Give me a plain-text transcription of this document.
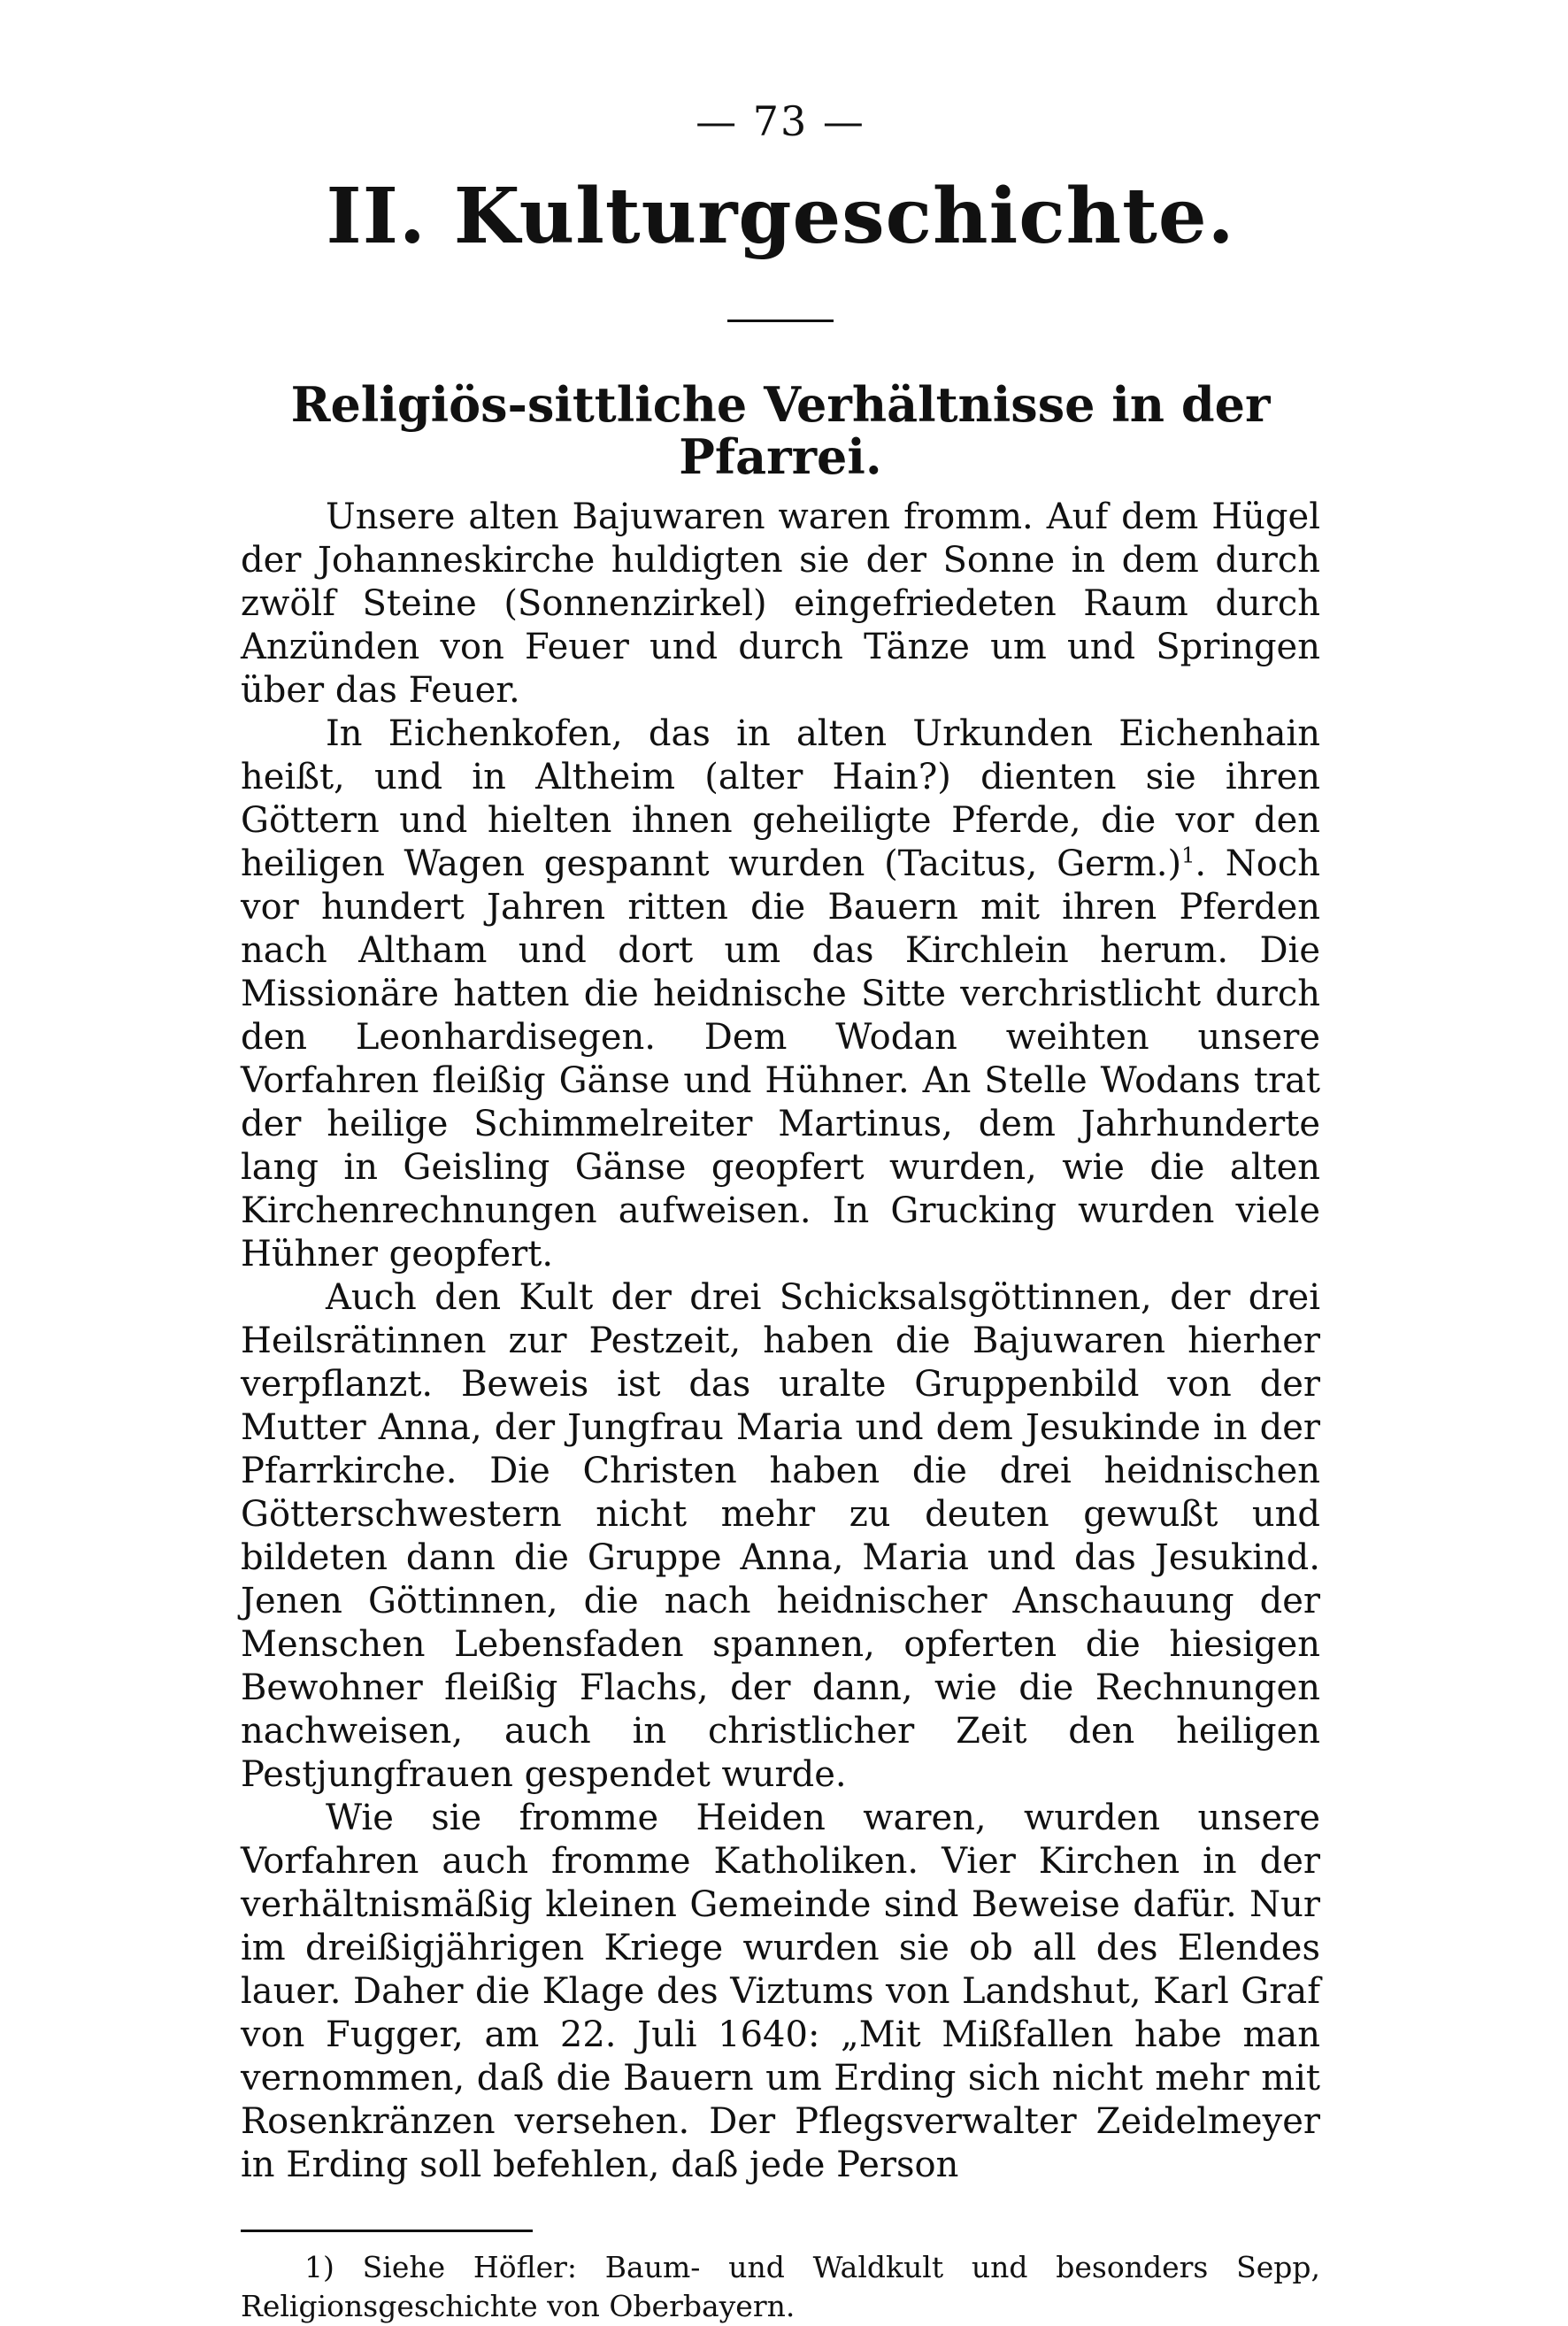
— 73 —
II. Kulturgeschichte.
Religiös-sittliche Verhältnisse in der Pfarrei.

Unsere alten Bajuwaren waren fromm. Auf dem Hügel der Johanneskirche huldigten sie der Sonne in dem durch zwölf Steine (Sonnenzirkel) eingefriedeten Raum durch Anzünden von Feuer und durch Tänze um und Springen über das Feuer.

In Eichenkofen, das in alten Urkunden Eichenhain heißt, und in Altheim (alter Hain?) dienten sie ihren Göttern und hielten ihnen geheiligte Pferde, die vor den heiligen Wagen gespannt wurden (Tacitus, Germ.)$^1$. Noch vor hundert Jahren ritten die Bauern mit ihren Pferden nach Altham und dort um das Kirchlein herum. Die Missionäre hatten die heidnische Sitte verchristlicht durch den Leonhardisegen. Dem Wodan weihten unsere Vorfahren fleißig Gänse und Hühner. An Stelle Wodans trat der heilige Schimmelreiter Martinus, dem Jahrhunderte lang in Geisling Gänse geopfert wurden, wie die alten Kirchenrechnungen aufweisen. In Grucking wurden viele Hühner geopfert.

Auch den Kult der drei Schicksalsgöttinnen, der drei Heilsrätinnen zur Pestzeit, haben die Bajuwaren hierher verpflanzt. Beweis ist das uralte Gruppenbild von der Mutter Anna, der Jungfrau Maria und dem Jesukinde in der Pfarrkirche. Die Christen haben die drei heidnischen Götterschwestern nicht mehr zu deuten gewußt und bildeten dann die Gruppe Anna, Maria und das Jesukind. Jenen Göttinnen, die nach heidnischer Anschauung der Menschen Lebensfaden spannen, opferten die hiesigen Bewohner fleißig Flachs, der dann, wie die Rechnungen nachweisen, auch in christlicher Zeit den heiligen Pestjungfrauen gespendet wurde.

Wie sie fromme Heiden waren, wurden unsere Vorfahren auch fromme Katholiken. Vier Kirchen in der verhältnismäßig kleinen Gemeinde sind Beweise dafür. Nur im dreißigjährigen Kriege wurden sie ob all des Elendes lauer. Daher die Klage des Viztums von Landshut, Karl Graf von Fugger, am 22. Juli 1640: „Mit Mißfallen habe man vernommen, daß die Bauern um Erding sich nicht mehr mit Rosenkränzen versehen. Der Pflegsverwalter Zeidelmeyer in Erding soll befehlen, daß jede Person

1) Siehe Höfler: Baum- und Waldkult und besonders Sepp, Religionsgeschichte von Oberbayern.
